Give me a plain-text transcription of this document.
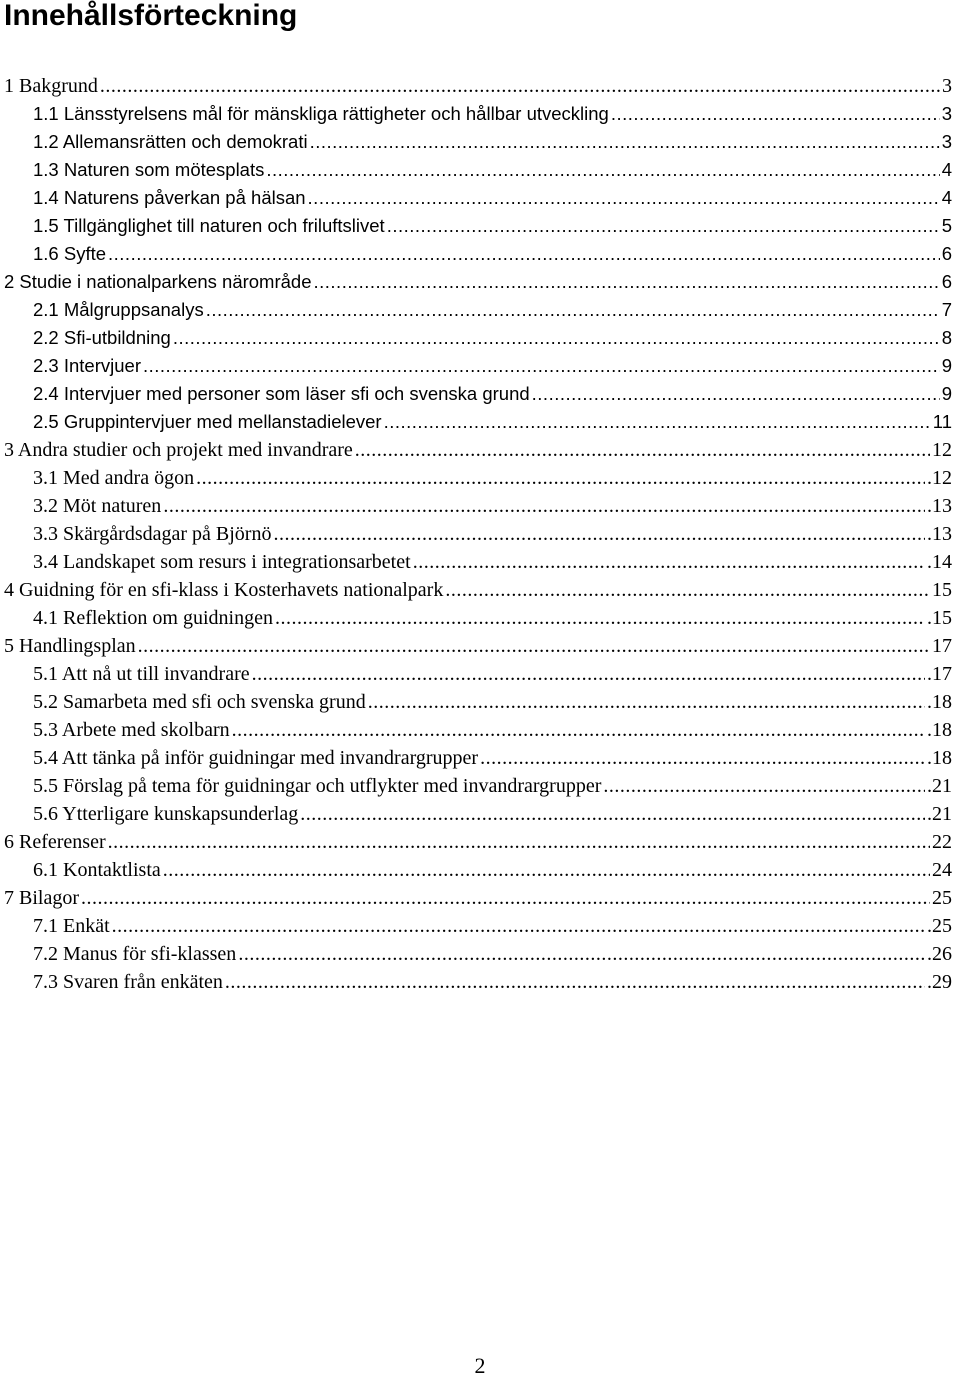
Innehållsförteckning
1 Bakgrund .....	3
1.1 Länsstyrelsens mål för mänskliga rättigheter och hållbar utveckling .....	3
1.2 Allemansrätten och demokrati .....	3
1.3 Naturen som mötesplats .....	4
1.4 Naturens påverkan på hälsan .....	4
1.5 Tillgänglighet till naturen och friluftslivet .....	5
1.6 Syfte .....	6
2 Studie i nationalparkens närområde .....	6
2.1 Målgruppsanalys .....	7
2.2 Sfi-utbildning .....	8
2.3 Intervjuer .....	9
2.4 Intervjuer med personer som läser sfi och svenska grund .....	9
2.5 Gruppintervjuer med mellanstadielever .....	11
3 Andra studier och projekt med invandrare .....	12
3.1 Med andra ögon .....	.12
3.2 Möt naturen .....	.13
3.3 Skärgårdsdagar på Björnö .....	.13
3.4 Landskapet som resurs i integrationsarbetet .....	.14
4 Guidning för en sfi-klass i Kosterhavets nationalpark .....	15
4.1 Reflektion om guidningen .....	.15
5 Handlingsplan .....	17
5.1 Att nå ut till invandrare .....	.17
5.2 Samarbeta med sfi och svenska grund .....	.18
5.3 Arbete med skolbarn .....	.18
5.4 Att tänka på inför guidningar med invandrargrupper .....	.18
5.5 Förslag på tema för guidningar och utflykter med invandrargrupper .....	.21
5.6 Ytterligare kunskapsunderlag .....	.21
6 Referenser .....	22
6.1 Kontaktlista .....	24
7 Bilagor .....	25
7.1 Enkät .....	.25
7.2 Manus för sfi-klassen .....	.26
7.3 Svaren från enkäten .....	.29
2
